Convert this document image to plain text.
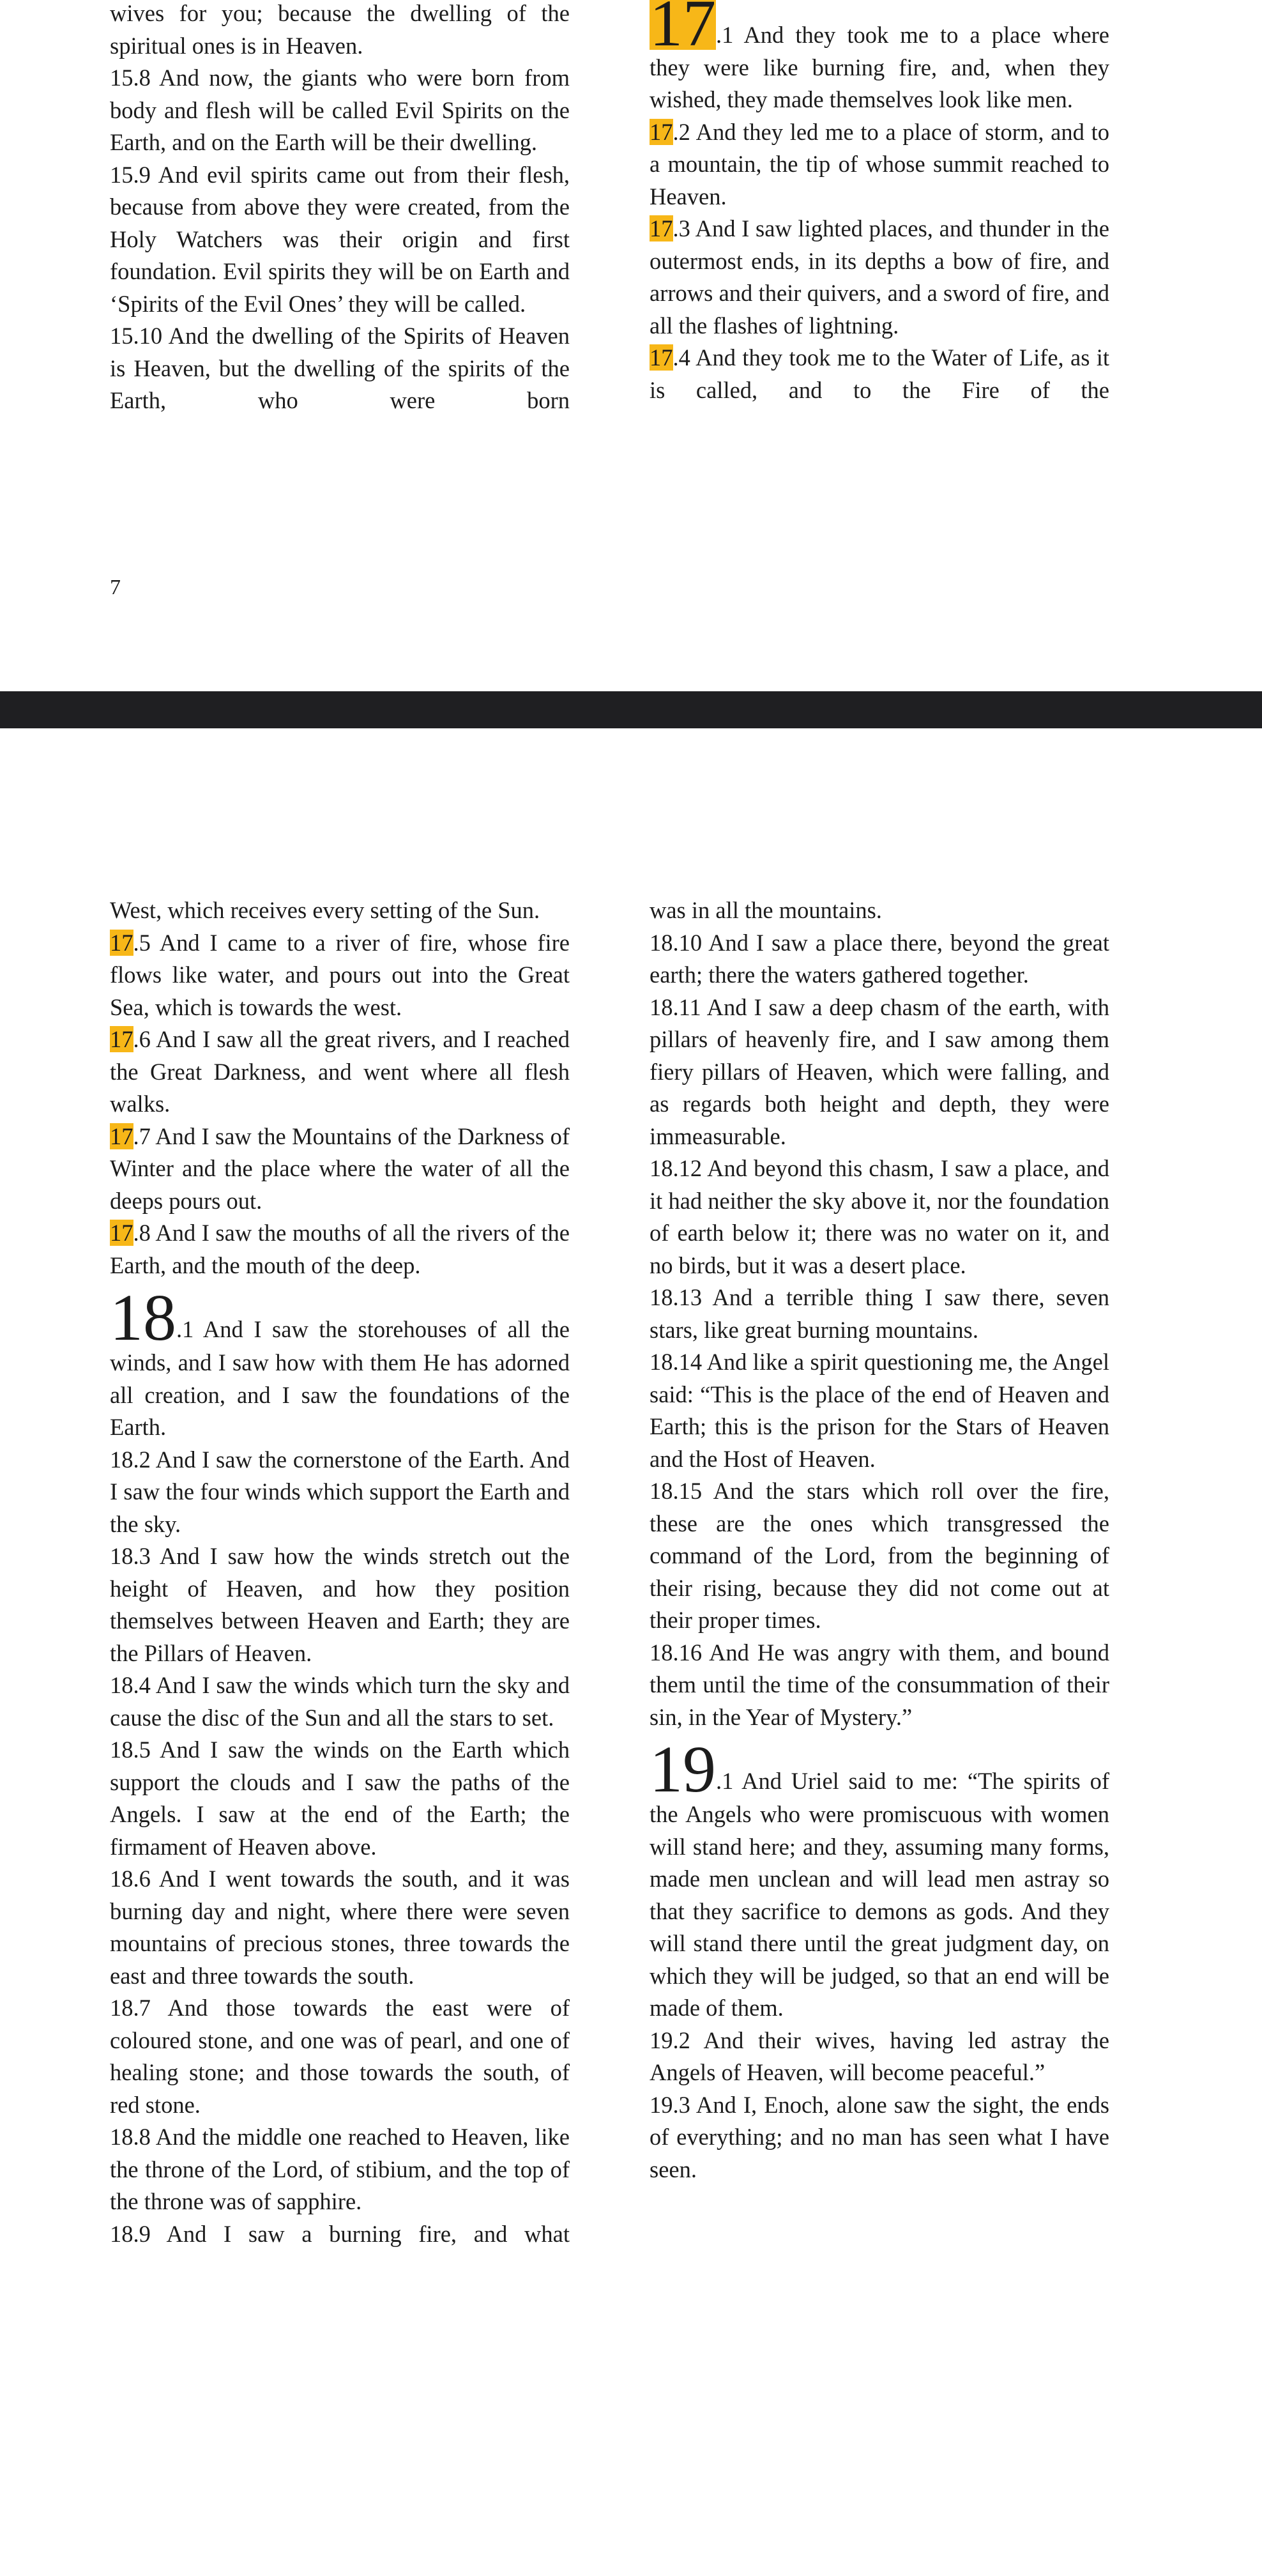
wives for you; because the dwelling of the spiritual ones is in Heaven.

15.8 And now, the giants who were born from body and flesh will be called Evil Spirits on the Earth, and on the Earth will be their dwelling.

15.9 And evil spirits came out from their flesh, because from above they were created, from the Holy Watchers was their origin and first foundation. Evil spirits they will be on Earth and ‘Spirits of the Evil Ones’ they will be called.

15.10 And the dwelling of the Spirits of Heaven is Heaven, but the dwelling of the spirits of the Earth, who were born

17.1 And they took me to a place where they were like burning fire, and, when they wished, they made themselves look like men.

17.2 And they led me to a place of storm, and to a mountain, the tip of whose summit reached to Heaven.

17.3 And I saw lighted places, and thunder in the outermost ends, in its depths a bow of fire, and arrows and their quivers, and a sword of fire, and all the flashes of lightning.

17.4 And they took me to the Water of Life, as it is called, and to the Fire of the

7

West, which receives every setting of the Sun.

17.5 And I came to a river of fire, whose fire flows like water, and pours out into the Great Sea, which is towards the west.

17.6 And I saw all the great rivers, and I reached the Great Darkness, and went where all flesh walks.

17.7 And I saw the Mountains of the Darkness of Winter and the place where the water of all the deeps pours out.

17.8 And I saw the mouths of all the rivers of the Earth, and the mouth of the deep.

18.1 And I saw the storehouses of all the winds, and I saw how with them He has adorned all creation, and I saw the foundations of the Earth.

18.2 And I saw the cornerstone of the Earth. And I saw the four winds which support the Earth and the sky.

18.3 And I saw how the winds stretch out the height of Heaven, and how they position themselves between Heaven and Earth; they are the Pillars of Heaven.

18.4 And I saw the winds which turn the sky and cause the disc of the Sun and all the stars to set.

18.5 And I saw the winds on the Earth which support the clouds and I saw the paths of the Angels. I saw at the end of the Earth; the firmament of Heaven above.

18.6 And I went towards the south, and it was burning day and night, where there were seven mountains of precious stones, three towards the east and three towards the south.

18.7 And those towards the east were of coloured stone, and one was of pearl, and one of healing stone; and those towards the south, of red stone.

18.8 And the middle one reached to Heaven, like the throne of the Lord, of stibium, and the top of the throne was of sapphire.

18.9 And I saw a burning fire, and what

was in all the mountains.

18.10 And I saw a place there, beyond the great earth; there the waters gathered together.

18.11 And I saw a deep chasm of the earth, with pillars of heavenly fire, and I saw among them fiery pillars of Heaven, which were falling, and as regards both height and depth, they were immeasurable.

18.12 And beyond this chasm, I saw a place, and it had neither the sky above it, nor the foundation of earth below it; there was no water on it, and no birds, but it was a desert place.

18.13 And a terrible thing I saw there, seven stars, like great burning mountains.

18.14 And like a spirit questioning me, the Angel said: “This is the place of the end of Heaven and Earth; this is the prison for the Stars of Heaven and the Host of Heaven.

18.15 And the stars which roll over the fire, these are the ones which transgressed the command of the Lord, from the beginning of their rising, because they did not come out at their proper times.

18.16 And He was angry with them, and bound them until the time of the consummation of their sin, in the Year of Mystery.”

19.1 And Uriel said to me: “The spirits of the Angels who were promiscuous with women will stand here; and they, assuming many forms, made men unclean and will lead men astray so that they sacrifice to demons as gods. And they will stand there until the great judgment day, on which they will be judged, so that an end will be made of them.

19.2 And their wives, having led astray the Angels of Heaven, will become peaceful.”

19.3 And I, Enoch, alone saw the sight, the ends of everything; and no man has seen what I have seen.
